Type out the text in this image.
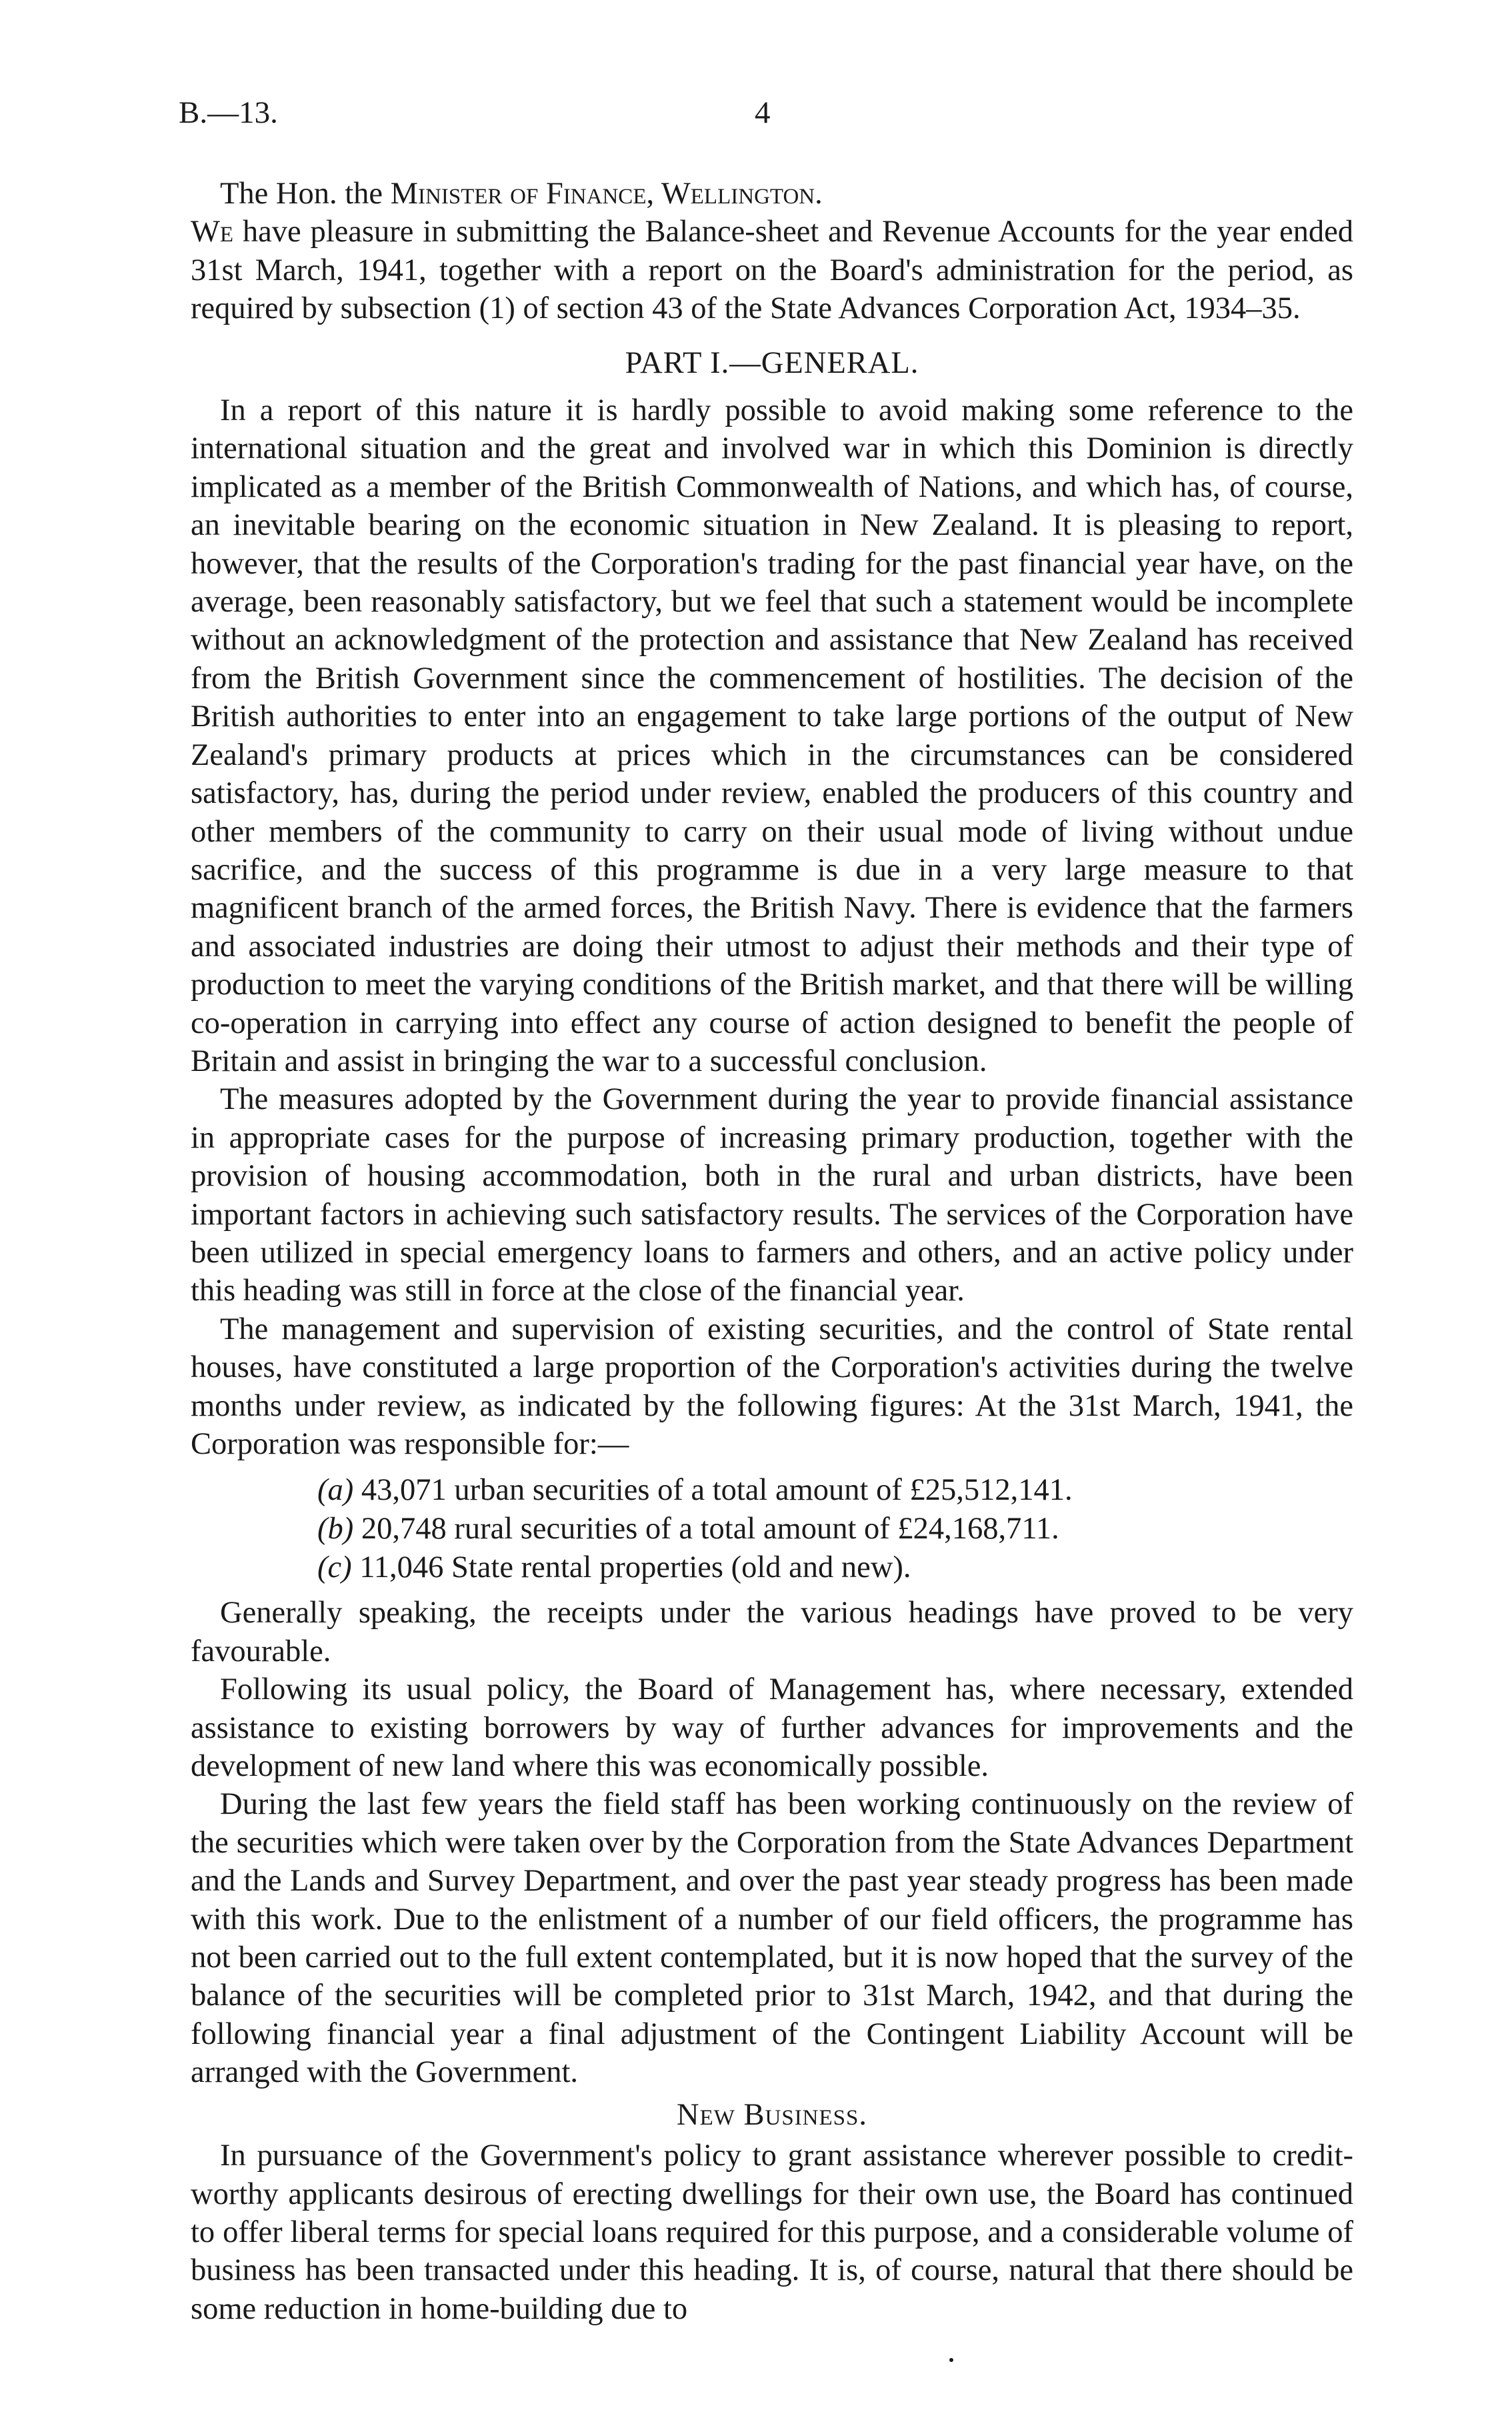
B.—13.	4

The Hon. the Minister of Finance, Wellington.

We have pleasure in submitting the Balance-sheet and Revenue Accounts for the year ended 31st March, 1941, together with a report on the Board's administration for the period, as required by subsection (1) of section 43 of the State Advances Corporation Act, 1934–35.

PART I.—GENERAL.

In a report of this nature it is hardly possible to avoid making some reference to the international situation and the great and involved war in which this Dominion is directly implicated as a member of the British Commonwealth of Nations, and which has, of course, an inevitable bearing on the economic situation in New Zealand. It is pleasing to report, however, that the results of the Corporation's trading for the past financial year have, on the average, been reasonably satisfactory, but we feel that such a statement would be incomplete without an acknowledgment of the protection and assistance that New Zealand has received from the British Government since the commencement of hostilities. The decision of the British authorities to enter into an engagement to take large portions of the output of New Zealand's primary products at prices which in the circumstances can be considered satisfactory, has, during the period under review, enabled the producers of this country and other members of the community to carry on their usual mode of living without undue sacrifice, and the success of this programme is due in a very large measure to that magnificent branch of the armed forces, the British Navy. There is evidence that the farmers and associated industries are doing their utmost to adjust their methods and their type of production to meet the varying conditions of the British market, and that there will be willing co-operation in carrying into effect any course of action designed to benefit the people of Britain and assist in bringing the war to a successful conclusion.

The measures adopted by the Government during the year to provide financial assistance in appropriate cases for the purpose of increasing primary production, together with the provision of housing accommodation, both in the rural and urban districts, have been important factors in achieving such satisfactory results. The services of the Corporation have been utilized in special emergency loans to farmers and others, and an active policy under this heading was still in force at the close of the financial year.

The management and supervision of existing securities, and the control of State rental houses, have constituted a large proportion of the Corporation's activities during the twelve months under review, as indicated by the following figures: At the 31st March, 1941, the Corporation was responsible for:—

(a) 43,071 urban securities of a total amount of £25,512,141.

(b) 20,748 rural securities of a total amount of £24,168,711.

(c) 11,046 State rental properties (old and new).

Generally speaking, the receipts under the various headings have proved to be very favourable.

Following its usual policy, the Board of Management has, where necessary, extended assistance to existing borrowers by way of further advances for improvements and the development of new land where this was economically possible.

During the last few years the field staff has been working continuously on the review of the securities which were taken over by the Corporation from the State Advances Department and the Lands and Survey Department, and over the past year steady progress has been made with this work. Due to the enlistment of a number of our field officers, the programme has not been carried out to the full extent contemplated, but it is now hoped that the survey of the balance of the securities will be completed prior to 31st March, 1942, and that during the following financial year a final adjustment of the Contingent Liability Account will be arranged with the Government.

New Business.

In pursuance of the Government's policy to grant assistance wherever possible to credit-worthy applicants desirous of erecting dwellings for their own use, the Board has continued to offer liberal terms for special loans required for this purpose, and a considerable volume of business has been transacted under this heading. It is, of course, natural that there should be some reduction in home-building due to
